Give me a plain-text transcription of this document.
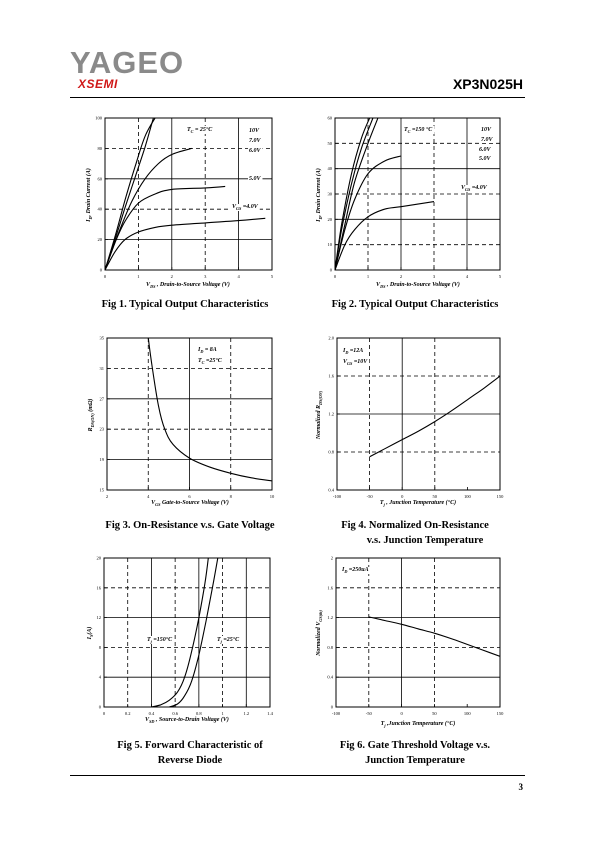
YAGEO
XSEMI	XP3N025H
0	1	2	3	4	5
0
20
40
60
80
100
$T_C = 25^\circ C$	10V
7.0V
6.0V
5.0V
$V_{GS} =4.0V$
$V_{DS}$ , Drain-to-Source Voltage (V)
$I_D$, Drain Current (A)
0	1	2	3	4	5
0
10
20
30
40
50
60
$T_C =150$ °C	10V
7.0V
6.0V
5.0V
$V_{GS} =4.0V$
$V_{DS}$ , Drain-to-Source Voltage (V)
$I_D$, Drain Current (A)
2	4	6	8	10
15
19
23
27
31
35
$I_D = 8A$
$T_C =25^\circ C$
$V_{GS}$ Gate-to-Source Voltage (V)
$R_{DS(ON)}$ (mΩ)
-100	-50	0	50	100	150
0.4
0.8
1.2
1.6
2.0
$I_D =12A$
$V_{GS} =10V$
$T_j$ , Junction Temperature (°C)
Normalized $R_{DS(ON)}$
0	0.2	0.4	0.6	0.8	1	1.2	1.4
0
4
8
12
16
20
$T_j =150^\circ C$	$T_j =25^\circ C$
$V_{SD}$ , Source-to-Drain Voltage (V)
$I_S(A)$
-100	-50	0	50	100	150
0
0.4
0.8
1.2
1.6
2
$I_D =250uA$
$T_j$ ,Junction Temperature (°C)
Normalized $V_{GS(th)}$
Fig 1. Typical Output Characteristics	Fig 2. Typical Output Characteristics
Fig 3. On-Resistance v.s. Gate Voltage	Fig 4. Normalized On-Resistance
v.s. Junction Temperature
Fig 5. Forward Characteristic of
Reverse Diode
Fig 6. Gate Threshold Voltage v.s.
Junction Temperature
3
